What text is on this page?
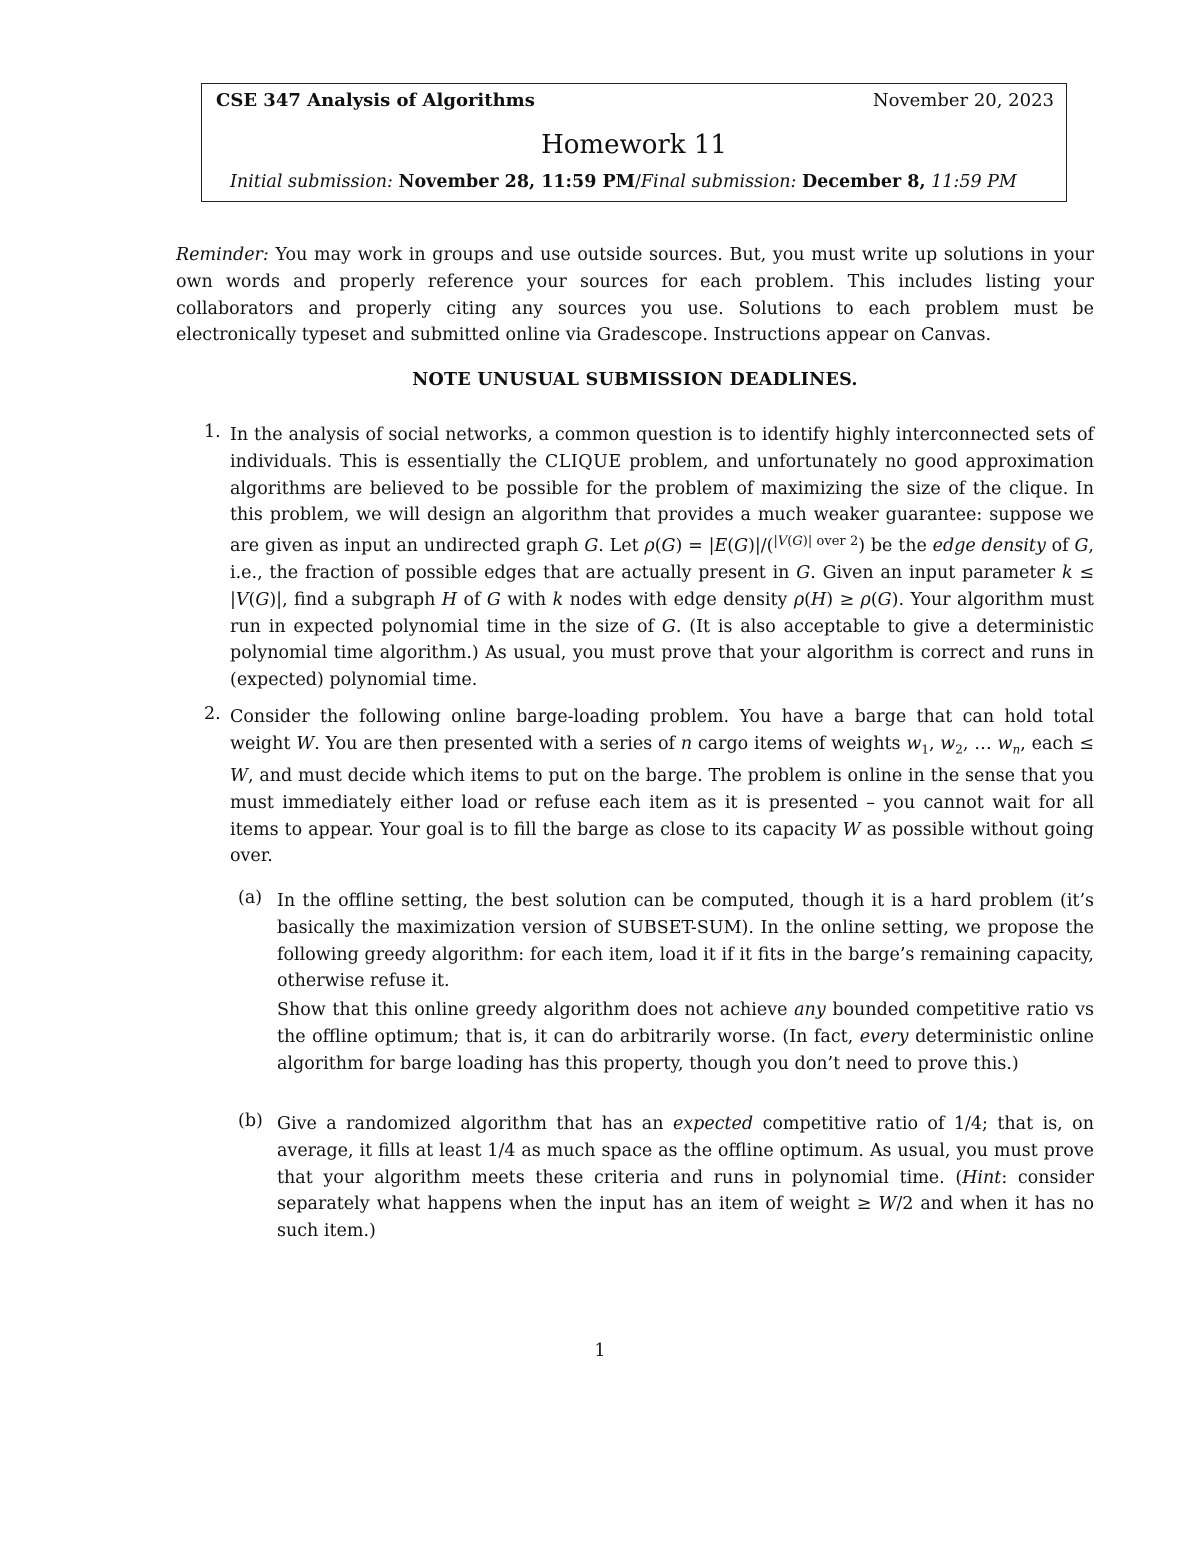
CSE 347 Analysis of Algorithms	November 20, 2023
Homework 11
Initial submission: November 28, 11:59 PM/Final submission: December 8, 11:59 PM
Reminder: You may work in groups and use outside sources. But, you must write up solutions in your own words and properly reference your sources for each problem. This includes listing your collaborators and properly citing any sources you use. Solutions to each problem must be electronically typeset and submitted online via Gradescope. Instructions appear on Canvas.
NOTE UNUSUAL SUBMISSION DEADLINES.
1. In the analysis of social networks, a common question is to identify highly interconnected sets of individuals. This is essentially the CLIQUE problem, and unfortunately no good approximation algorithms are believed to be possible for the problem of maximizing the size of the clique. In this problem, we will design an algorithm that provides a much weaker guarantee: suppose we are given as input an undirected graph G. Let ρ(G) = |E(G)|/($^{|V(G)| over 2}$) be the edge density of G, i.e., the fraction of possible edges that are actually present in G. Given an input parameter k ≤ |V(G)|, find a subgraph H of G with k nodes with edge density ρ(H) ≥ ρ(G). Your algorithm must run in expected polynomial time in the size of G. (It is also acceptable to give a deterministic polynomial time algorithm.) As usual, you must prove that your algorithm is correct and runs in (expected) polynomial time.
2. Consider the following online barge-loading problem. You have a barge that can hold total weight W. You are then presented with a series of n cargo items of weights $w_1$, $w_2$, … $w_n$, each ≤ W, and must decide which items to put on the barge. The problem is online in the sense that you must immediately either load or refuse each item as it is presented – you cannot wait for all items to appear. Your goal is to fill the barge as close to its capacity W as possible without going over.
(a) In the offline setting, the best solution can be computed, though it is a hard problem (it’s basically the maximization version of SUBSET-SUM). In the online setting, we propose the following greedy algorithm: for each item, load it if it fits in the barge’s remaining capacity, otherwise refuse it.
Show that this online greedy algorithm does not achieve any bounded competitive ratio vs the offline optimum; that is, it can do arbitrarily worse. (In fact, every deterministic online algorithm for barge loading has this property, though you don’t need to prove this.)
(b) Give a randomized algorithm that has an expected competitive ratio of 1/4; that is, on average, it fills at least 1/4 as much space as the offline optimum. As usual, you must prove that your algorithm meets these criteria and runs in polynomial time. (Hint: consider separately what happens when the input has an item of weight ≥ W/2 and when it has no such item.)
1
